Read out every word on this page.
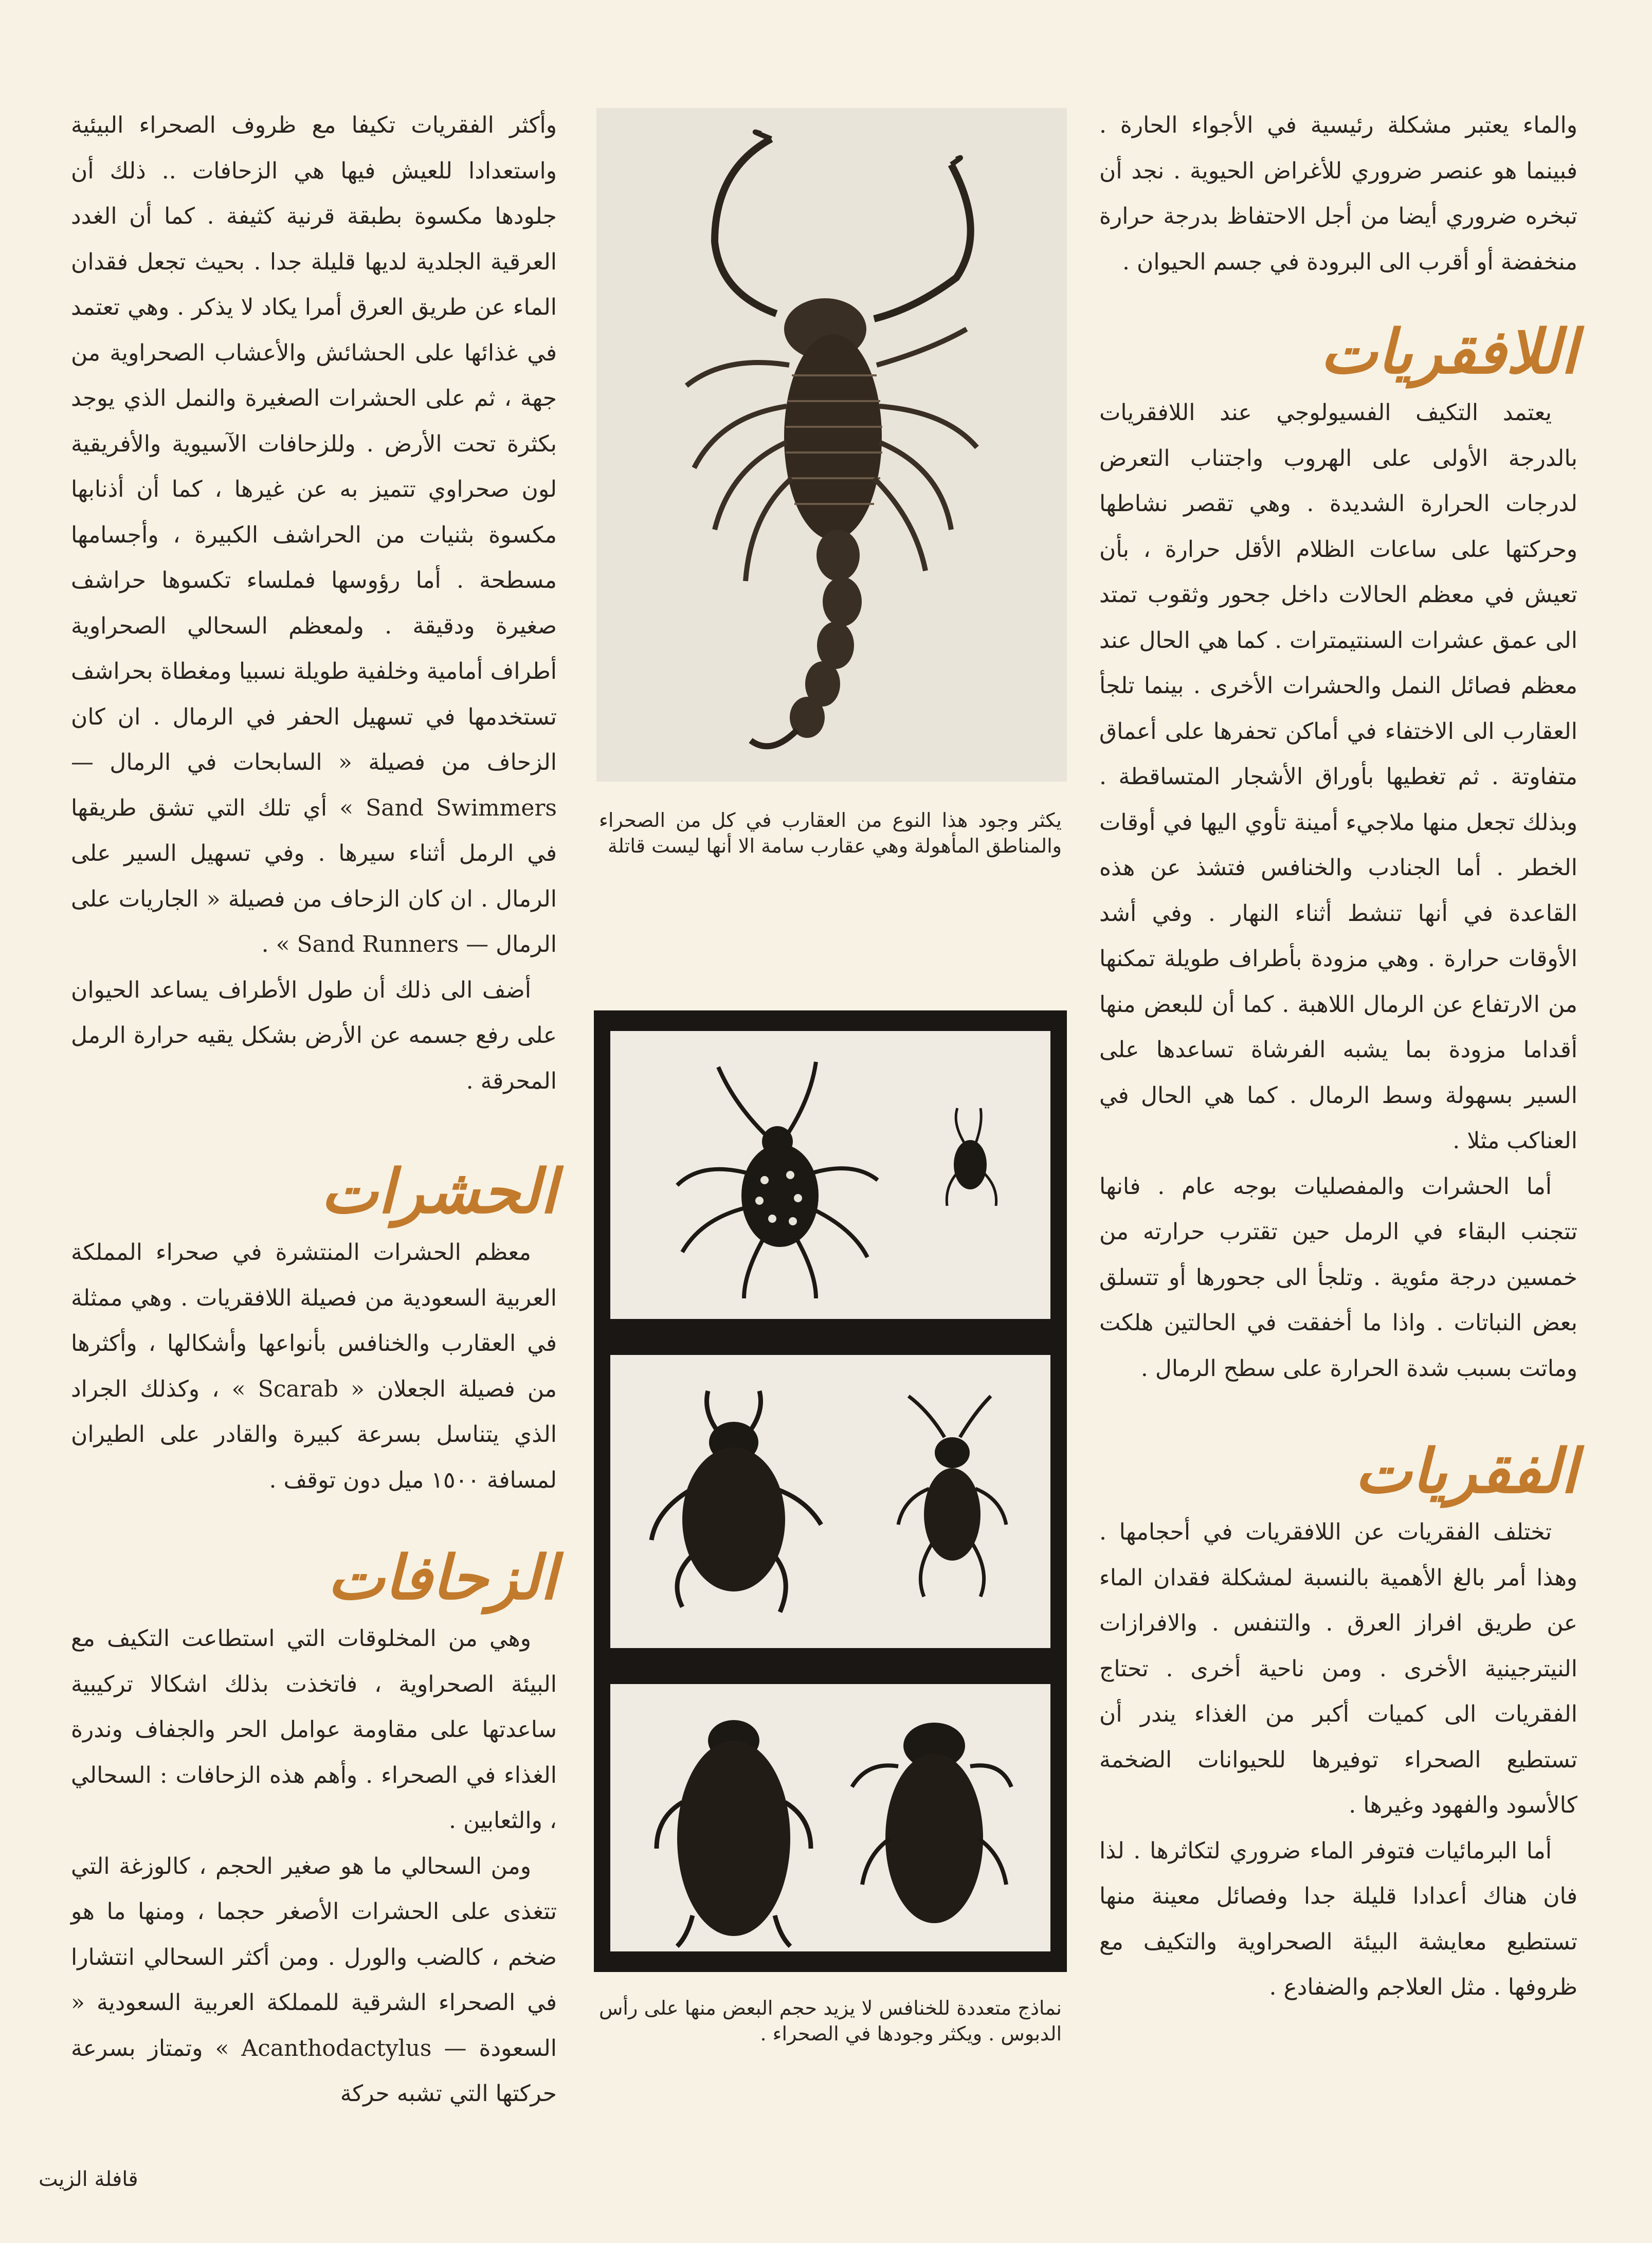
والماء يعتبر مشكلة رئيسية في الأجواء الحارة . فبينما هو عنصر ضروري للأغراض الحيوية . نجد أن تبخره ضروري أيضا من أجل الاحتفاظ بدرجة حرارة منخفضة أو أقرب الى البرودة في جسم الحيوان .

اللافقريات

يعتمد التكيف الفسيولوجي عند اللافقريات بالدرجة الأولى على الهروب واجتناب التعرض لدرجات الحرارة الشديدة . وهي تقصر نشاطها وحركتها على ساعات الظلام الأقل حرارة ، بأن تعيش في معظم الحالات داخل جحور وثقوب تمتد الى عمق عشرات السنتيمترات . كما هي الحال عند معظم فصائل النمل والحشرات الأخرى . بينما تلجأ العقارب الى الاختفاء في أماكن تحفرها على أعماق متفاوتة . ثم تغطيها بأوراق الأشجار المتساقطة . وبذلك تجعل منها ملاجيء أمينة تأوي اليها في أوقات الخطر . أما الجنادب والخنافس فتشذ عن هذه القاعدة في أنها تنشط أثناء النهار . وفي أشد الأوقات حرارة . وهي مزودة بأطراف طويلة تمكنها من الارتفاع عن الرمال اللاهبة . كما أن للبعض منها أقداما مزودة بما يشبه الفرشاة تساعدها على السير بسهولة وسط الرمال . كما هي الحال في العناكب مثلا .

أما الحشرات والمفصليات بوجه عام . فانها تتجنب البقاء في الرمل حين تقترب حرارته من خمسين درجة مئوية . وتلجأ الى جحورها أو تتسلق بعض النباتات . واذا ما أخفقت في الحالتين هلكت وماتت بسبب شدة الحرارة على سطح الرمال .

الفقريات

تختلف الفقريات عن اللافقريات في أحجامها . وهذا أمر بالغ الأهمية بالنسبة لمشكلة فقدان الماء عن طريق افراز العرق . والتنفس . والافرازات النيترجينية الأخرى . ومن ناحية أخرى . تحتاج الفقريات الى كميات أكبر من الغذاء يندر أن تستطيع الصحراء توفيرها للحيوانات الضخمة كالأسود والفهود وغيرها .

أما البرمائيات فتوفر الماء ضروري لتكاثرها . لذا فان هناك أعدادا قليلة جدا وفصائل معينة منها تستطيع معايشة البيئة الصحراوية والتكيف مع ظروفها . مثل العلاجم والضفادع .

يكثر وجود هذا النوع من العقارب في كل من الصحراء والمناطق المأهولة وهي عقارب سامة الا أنها ليست قاتلة
نماذج متعددة للخنافس لا يزيد حجم البعض منها على رأس الدبوس . ويكثر وجودها في الصحراء .

وأكثر الفقريات تكيفا مع ظروف الصحراء البيئية واستعدادا للعيش فيها هي الزحافات .. ذلك أن جلودها مكسوة بطبقة قرنية كثيفة . كما أن الغدد العرقية الجلدية لديها قليلة جدا . بحيث تجعل فقدان الماء عن طريق العرق أمرا يكاد لا يذكر . وهي تعتمد في غذائها على الحشائش والأعشاب الصحراوية من جهة ، ثم على الحشرات الصغيرة والنمل الذي يوجد بكثرة تحت الأرض . وللزحافات الآسيوية والأفريقية لون صحراوي تتميز به عن غيرها ، كما أن أذنابها مكسوة بثنيات من الحراشف الكبيرة ، وأجسامها مسطحة . أما رؤوسها فملساء تكسوها حراشف صغيرة ودقيقة . ولمعظم السحالي الصحراوية أطراف أمامية وخلفية طويلة نسبيا ومغطاة بحراشف تستخدمها في تسهيل الحفر في الرمال . ان كان الزحاف من فصيلة « السابحات في الرمال — Sand Swimmers » أي تلك التي تشق طريقها في الرمل أثناء سيرها . وفي تسهيل السير على الرمال . ان كان الزحاف من فصيلة « الجاريات على الرمال — Sand Runners » .

أضف الى ذلك أن طول الأطراف يساعد الحيوان على رفع جسمه عن الأرض بشكل يقيه حرارة الرمل المحرقة .

الحشرات

معظم الحشرات المنتشرة في صحراء المملكة العربية السعودية من فصيلة اللافقريات . وهي ممثلة في العقارب والخنافس بأنواعها وأشكالها ، وأكثرها من فصيلة الجعلان « Scarab » ، وكذلك الجراد الذي يتناسل بسرعة كبيرة والقادر على الطيران لمسافة ١٥٠٠ ميل دون توقف .

الزحافات

وهي من المخلوقات التي استطاعت التكيف مع البيئة الصحراوية ، فاتخذت بذلك اشكالا تركيبية ساعدتها على مقاومة عوامل الحر والجفاف وندرة الغذاء في الصحراء . وأهم هذه الزحافات : السحالي ، والثعابين .

ومن السحالي ما هو صغير الحجم ، كالوزغة التي تتغذى على الحشرات الأصغر حجما ، ومنها ما هو ضخم ، كالضب والورل . ومن أكثر السحالي انتشارا في الصحراء الشرقية للمملكة العربية السعودية « السعودة — Acanthodactylus » وتمتاز بسرعة حركتها التي تشبه حركة

قافلة الزيت
